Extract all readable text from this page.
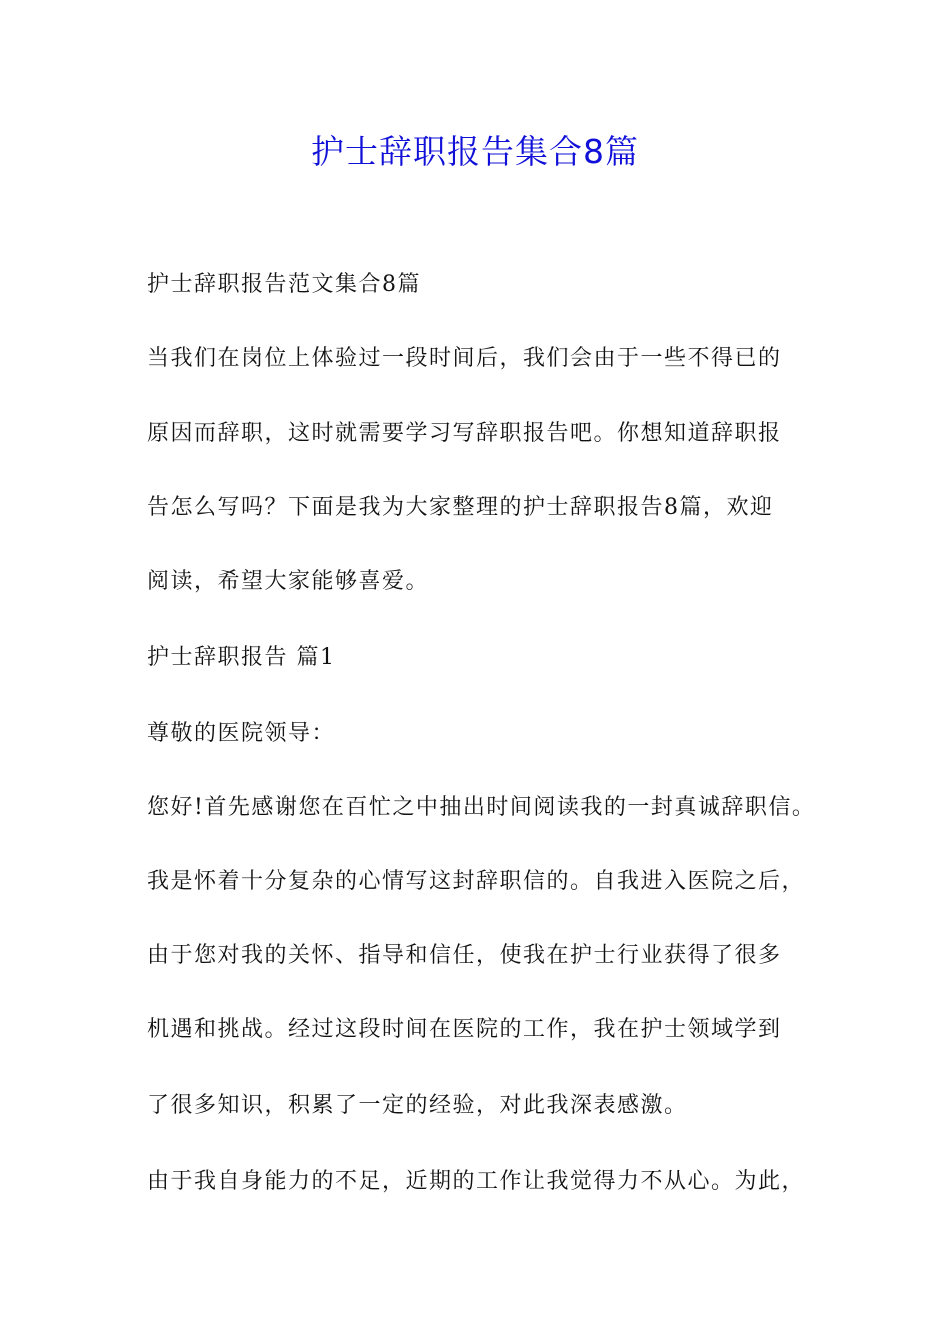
护士辞职报告集合8篇

护士辞职报告范文集合8篇

当我们在岗位上体验过一段时间后，我们会由于一些不得已的

原因而辞职，这时就需要学习写辞职报告吧。你想知道辞职报

告怎么写吗？下面是我为大家整理的护士辞职报告8篇，欢迎

阅读，希望大家能够喜爱。

护士辞职报告 篇1

尊敬的医院领导：

您好!首先感谢您在百忙之中抽出时间阅读我的一封真诚辞职信。

我是怀着十分复杂的心情写这封辞职信的。自我进入医院之后，

由于您对我的关怀、指导和信任，使我在护士行业获得了很多

机遇和挑战。经过这段时间在医院的工作，我在护士领域学到

了很多知识，积累了一定的经验，对此我深表感激。

由于我自身能力的不足，近期的工作让我觉得力不从心。为此，
